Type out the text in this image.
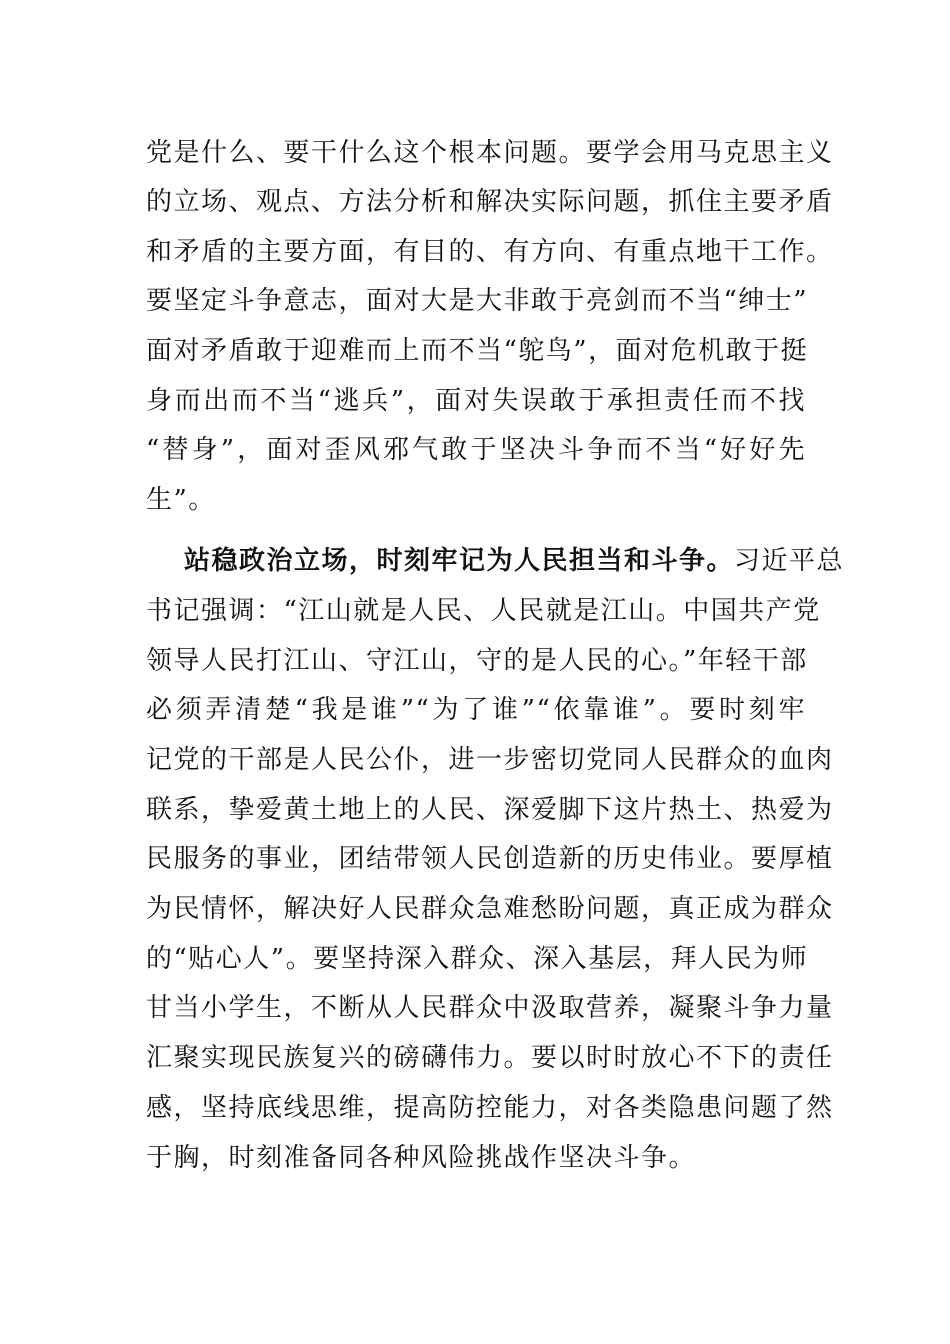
党是什么、要干什么这个根本问题。要学会用马克思主义
的立场、观点、方法分析和解决实际问题，抓住主要矛盾
和矛盾的主要方面，有目的、有方向、有重点地干工作。
要坚定斗争意志，面对大是大非敢于亮剑而不当“绅士”
面对矛盾敢于迎难而上而不当“鸵鸟”，面对危机敢于挺
身而出而不当“逃兵”，面对失误敢于承担责任而不找
“替身”，面对歪风邪气敢于坚决斗争而不当“好好先
生”。
站稳政治立场，时刻牢记为人民担当和斗争。习近平总
书记强调：“江山就是人民、人民就是江山。中国共产党
领导人民打江山、守江山，守的是人民的心。”年轻干部
必须弄清楚“我是谁”“为了谁”“依靠谁”。要时刻牢
记党的干部是人民公仆，进一步密切党同人民群众的血肉
联系，挚爱黄土地上的人民、深爱脚下这片热土、热爱为
民服务的事业，团结带领人民创造新的历史伟业。要厚植
为民情怀，解决好人民群众急难愁盼问题，真正成为群众
的“贴心人”。要坚持深入群众、深入基层，拜人民为师
甘当小学生，不断从人民群众中汲取营养，凝聚斗争力量
汇聚实现民族复兴的磅礴伟力。要以时时放心不下的责任
感，坚持底线思维，提高防控能力，对各类隐患问题了然
于胸，时刻准备同各种风险挑战作坚决斗争。
